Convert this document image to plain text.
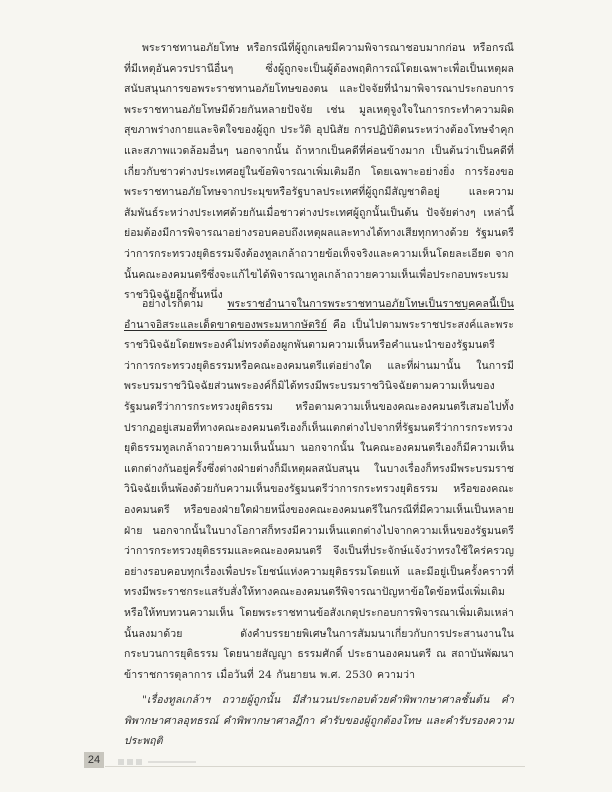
พระราชทานอภัยโทษ หรือกรณีที่ผู้ถูกเลขมีความพิจารณาชอบมากก่อน หรือกรณีที่มีเหตุอันควรปรานีอื่นๆ ซึ่งผู้ถูกจะเป็นผู้ต้องพฤติการณ์โดยเฉพาะเพื่อเป็นเหตุผลสนับสนุนการขอพระราชทานอภัยโทษของตน และปัจจัยที่นำมาพิจารณาประกอบการพระราชทานอภัยโทษมีด้วยกันหลายปัจจัย เช่น มูลเหตุจูงใจในการกระทำความผิด สุขภาพร่างกายและจิตใจของผู้ถูก ประวัติ อุปนิสัย การปฏิบัติตนระหว่างต้องโทษจำคุก และสภาพแวดล้อมอื่นๆ นอกจากนั้น ถ้าหากเป็นคดีที่ค่อนข้างมาก เป็นต้นว่าเป็นคดีที่เกี่ยวกับชาวต่างประเทศอยู่ในข้อพิจารณาเพิ่มเติมอีก โดยเฉพาะอย่างยิ่ง การร้องขอพระราชทานอภัยโทษจากประมุขหรือรัฐบาลประเทศที่ผู้ถูกมีสัญชาติอยู่ และความสัมพันธ์ระหว่างประเทศด้วยกันเมื่อชาวต่างประเทศผู้ถูกนั้นเป็นต้น ปัจจัยต่างๆ เหล่านี้ย่อมต้องมีการพิจารณาอย่างรอบคอบถึงเหตุผลและทางได้ทางเสียทุกทางด้วย รัฐมนตรีว่าการกระทรวงยุติธรรมจึงต้องทูลเกล้าถวายข้อเท็จจริงและความเห็นโดยละเอียด จากนั้นคณะองคมนตรีซึ่งจะแก้ไขได้พิจารณาทูลเกล้าถวายความเห็นเพื่อประกอบพระบรมราชวินิจฉัยอีกชั้นหนึ่ง

อย่างไรก็ตาม พระราชอำนาจในการพระราชทานอภัยโทษเป็นราชบุคคลนี้เป็นอำนาจอิสระและเด็ดขาดของพระมหากษัตริย์ คือ เป็นไปตามพระราชประสงค์และพระราชวินิจฉัยโดยพระองค์ไม่ทรงต้องผูกพันตามความเห็นหรือคำแนะนำของรัฐมนตรีว่าการกระทรวงยุติธรรมหรือคณะองคมนตรีแต่อย่างใด และที่ผ่านมานั้น ในการมีพระบรมราชวินิจฉัยส่วนพระองค์ก็มิได้ทรงมีพระบรมราชวินิจฉัยตามความเห็นของรัฐมนตรีว่าการกระทรวงยุติธรรม หรือตามความเห็นของคณะองคมนตรีเสมอไปทั้งปรากฏอยู่เสมอที่ทางคณะองคมนตรีเองก็เห็นแตกต่างไปจากที่รัฐมนตรีว่าการกระทรวงยุติธรรมทูลเกล้าถวายความเห็นนั้นมา นอกจากนั้น ในคณะองคมนตรีเองก็มีความเห็นแตกต่างกันอยู่ครั้งซึ่งต่างฝ่ายต่างก็มีเหตุผลสนับสนุน ในบางเรื่องก็ทรงมีพระบรมราชวินิจฉัยเห็นพ้องด้วยกับความเห็นของรัฐมนตรีว่าการกระทรวงยุติธรรม หรือของคณะองคมนตรี หรือของฝ่ายใดฝ่ายหนึ่งของคณะองคมนตรีในกรณีที่มีความเห็นเป็นหลายฝ่าย นอกจากนั้นในบางโอกาสก็ทรงมีความเห็นแตกต่างไปจากความเห็นของรัฐมนตรีว่าการกระทรวงยุติธรรมและคณะองคมนตรี จึงเป็นที่ประจักษ์แจ้งว่าทรงใช้ใคร่ครวญอย่างรอบคอบทุกเรื่องเพื่อประโยชน์แห่งความยุติธรรมโดยแท้ และมีอยู่เป็นครั้งคราวที่ทรงมีพระราชกระแสรับสั่งให้ทางคณะองคมนตรีพิจารณาปัญหาข้อใดข้อหนึ่งเพิ่มเติมหรือให้ทบทวนความเห็น โดยพระราชทานข้อสังเกตุประกอบการพิจารณาเพิ่มเติมเหล่านั้นลงมาด้วย ดังคำบรรยายพิเศษในการสัมมนาเกี่ยวกับการประสานงานในกระบวนการยุติธรรม โดยนายสัญญา ธรรมศักดิ์ ประธานองคมนตรี ณ สถาบันพัฒนาข้าราชการตุลาการ เมื่อวันที่ 24 กันยายน พ.ศ. 2530 ความว่า

"เรื่องทูลเกล้าฯ ถวายผู้ถูกนั้น มีสำนวนประกอบด้วยคำพิพากษาศาลชั้นต้น คำพิพากษาศาลอุทธรณ์ คำพิพากษาศาลฎีกา คำรับของผู้ถูกต้องโทษ และคำรับรองความประพฤติ

24
